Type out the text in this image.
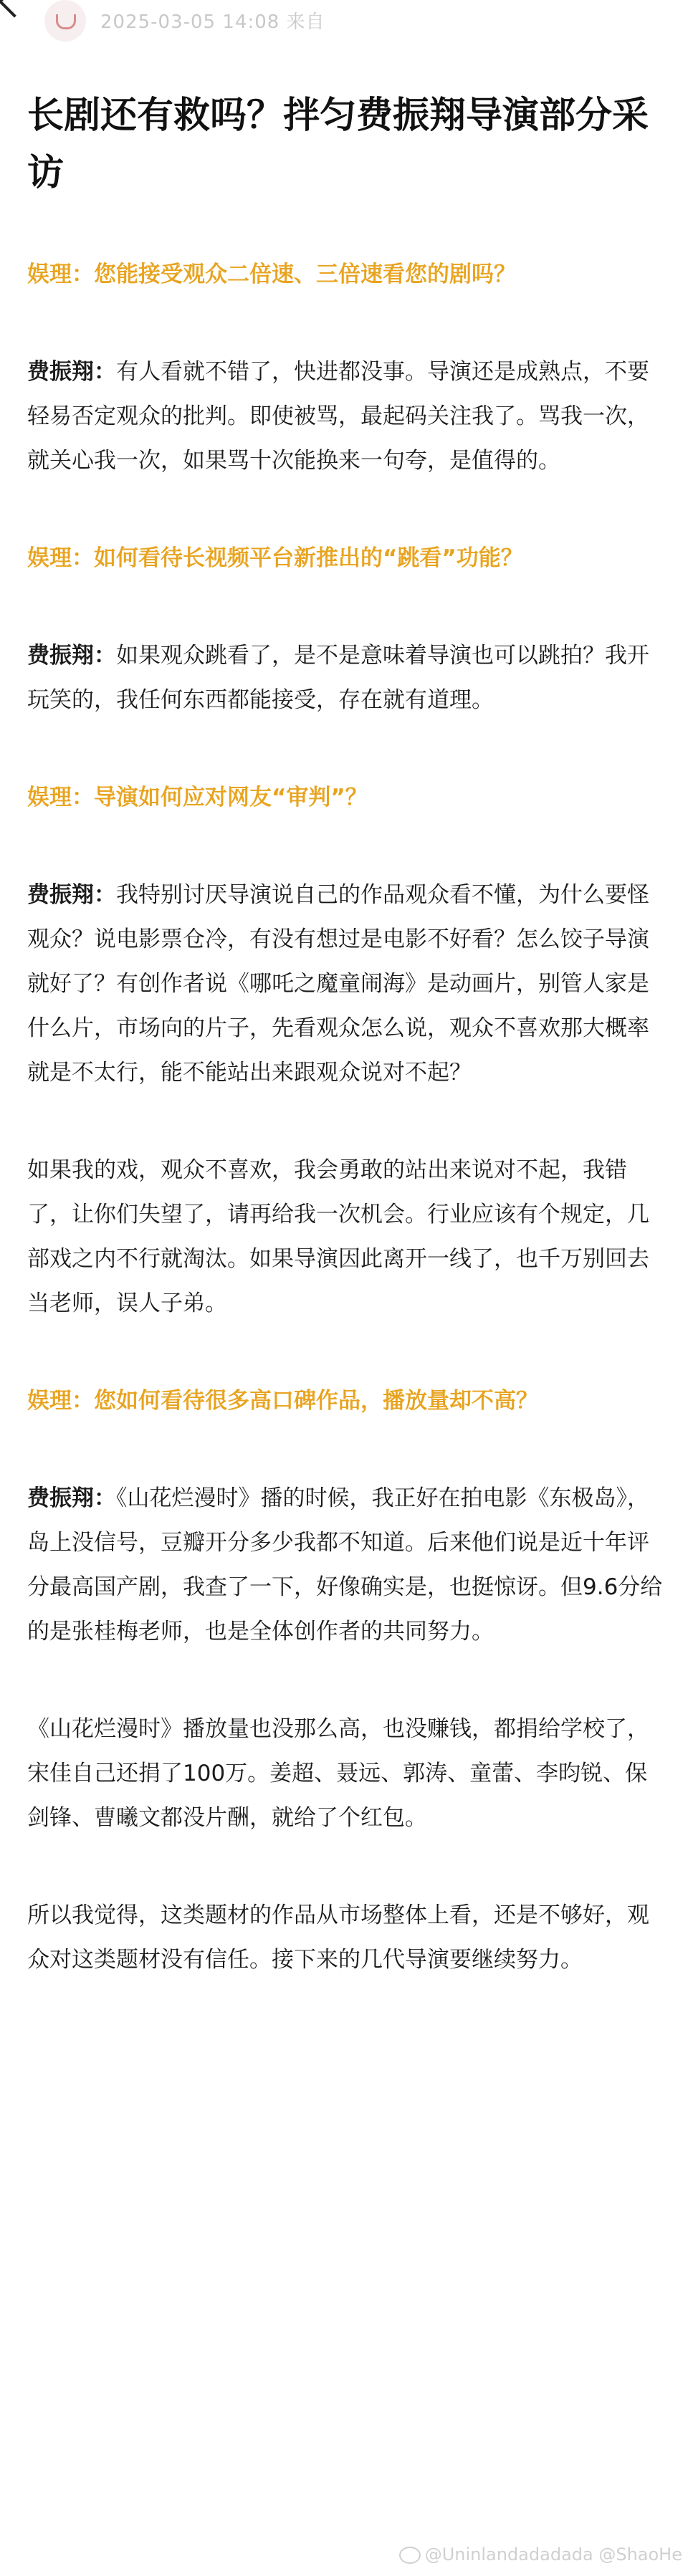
2025-03-05 14:08 来自
长剧还有救吗？拌匀费振翔导演部分采访

娱理：您能接受观众二倍速、三倍速看您的剧吗？

费振翔：有人看就不错了，快进都没事。导演还是成熟点，不要轻易否定观众的批判。即使被骂，最起码关注我了。骂我一次，就关心我一次，如果骂十次能换来一句夸，是值得的。

娱理：如何看待长视频平台新推出的“跳看”功能？

费振翔：如果观众跳看了，是不是意味着导演也可以跳拍？我开玩笑的，我任何东西都能接受，存在就有道理。

娱理：导演如何应对网友“审判”？

费振翔：我特别讨厌导演说自己的作品观众看不懂，为什么要怪观众？说电影票仓冷，有没有想过是电影不好看？怎么饺子导演就好了？有创作者说《哪吒之魔童闹海》是动画片，别管人家是什么片，市场向的片子，先看观众怎么说，观众不喜欢那大概率就是不太行，能不能站出来跟观众说对不起？

如果我的戏，观众不喜欢，我会勇敢的站出来说对不起，我错了，让你们失望了，请再给我一次机会。行业应该有个规定，几部戏之内不行就淘汰。如果导演因此离开一线了，也千万别回去当老师，误人子弟。

娱理：您如何看待很多高口碑作品，播放量却不高？

费振翔：《山花烂漫时》播的时候，我正好在拍电影《东极岛》，岛上没信号，豆瓣开分多少我都不知道。后来他们说是近十年评分最高国产剧，我查了一下，好像确实是，也挺惊讶。但9.6分给的是张桂梅老师，也是全体创作者的共同努力。

《山花烂漫时》播放量也没那么高，也没赚钱，都捐给学校了，宋佳自己还捐了100万。姜超、聂远、郭涛、童蕾、李昀锐、保剑锋、曹曦文都没片酬，就给了个红包。

所以我觉得，这类题材的作品从市场整体上看，还是不够好，观众对这类题材没有信任。接下来的几代导演要继续努力。

@Uninlandadadada @ShaoHe
